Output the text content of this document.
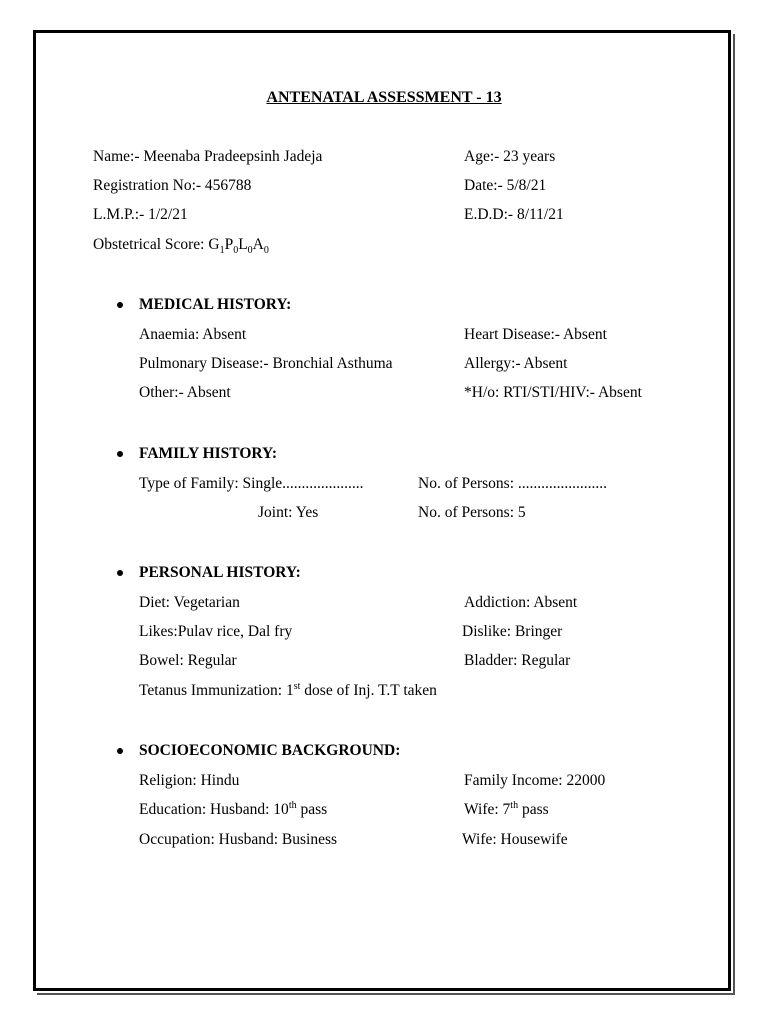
ANTENATAL ASSESSMENT - 13
Name:- Meenaba Pradeepsinh Jadeja	Age:- 23 years
Registration No:- 456788	Date:- 5/8/21
L.M.P.:- 1/2/21	E.D.D:- 8/11/21
Obstetrical Score: $G_1P_0L_0A_0$
MEDICAL HISTORY:
Anaemia: Absent	Heart Disease:- Absent
Pulmonary Disease:- Bronchial Asthuma	Allergy:- Absent
Other:- Absent	*H/o: RTI/STI/HIV:- Absent
FAMILY HISTORY:
Type of Family: Single.....................	No. of Persons: .......................
Joint: Yes	No. of Persons: 5
PERSONAL HISTORY:
Diet: Vegetarian	Addiction: Absent
Likes:Pulav rice, Dal fry	Dislike: Bringer
Bowel: Regular	Bladder: Regular
Tetanus Immunization: 1st dose of Inj. T.T taken
SOCIOECONOMIC BACKGROUND:
Religion: Hindu	Family Income: 22000
Education: Husband: 10th pass	Wife: 7th pass
Occupation: Husband: Business	Wife: Housewife
